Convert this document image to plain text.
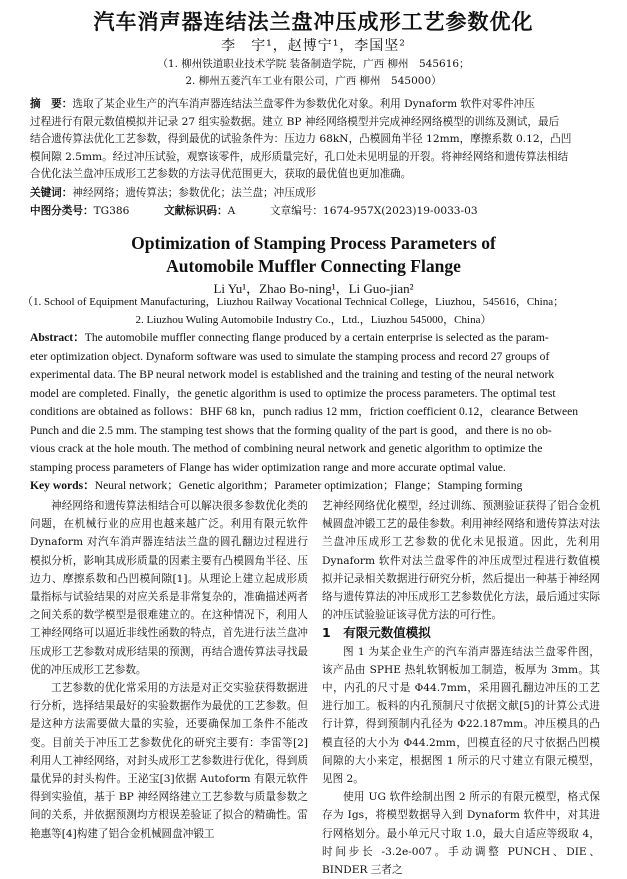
汽车消声器连结法兰盘冲压成形工艺参数优化
李　宇¹，赵博宁¹，李国坚²
（1. 柳州铁道职业技术学院 装备制造学院，广西 柳州　545616；
2. 柳州五菱汽车工业有限公司，广西 柳州　545000）
摘　要：选取了某企业生产的汽车消声器连结法兰盘零件为参数优化对象。利用 Dynaform 软件对零件冲压
过程进行有限元数值模拟并记录 27 组实验数据。建立 BP 神经网络模型并完成神经网络模型的训练及测试，最后
结合遗传算法优化工艺参数，得到最优的试验条件为：压边力 68kN，凸模圆角半径 12mm，摩擦系数 0.12，凸凹
模间隙 2.5mm。经过冲压试验，观察该零件，成形质量完好，孔口处未见明显的开裂。将神经网络和遗传算法相结
合优化法兰盘冲压成形工艺参数的方法寻优范围更大，获取的最优值也更加准确。
关键词：神经网络；遗传算法；参数优化；法兰盘；冲压成形
中图分类号：TG386	文献标识码：A	文章编号：1674-957X(2023)19-0033-03
Optimization of Stamping Process Parameters of
Automobile Muffler Connecting Flange
Li Yu¹，Zhao Bo-ning¹，Li Guo-jian²
（1. School of Equipment Manufacturing，Liuzhou Railway Vocational Technical College，Liuzhou，545616，China；
2. Liuzhou Wuling Automobile Industry Co.，Ltd.，Liuzhou 545000，China）
Abstract：The automobile muffler connecting flange produced by a certain enterprise is selected as the param-
eter optimization object. Dynaform software was used to simulate the stamping process and record 27 groups of
experimental data. The BP neural network model is established and the training and testing of the neural network
model are completed. Finally，the genetic algorithm is used to optimize the process parameters. The optimal test
conditions are obtained as follows：BHF 68 kn，punch radius 12 mm，friction coefficient 0.12，clearance Between
Punch and die 2.5 mm. The stamping test shows that the forming quality of the part is good，and there is no ob-
vious crack at the hole mouth. The method of combining neural network and genetic algorithm to optimize the
stamping process parameters of Flange has wider optimization range and more accurate optimal value.
Key words：Neural network；Genetic algorithm；Parameter optimization；Flange；Stamping forming

神经网络和遗传算法相结合可以解决很多参数优化类的问题，在机械行业的应用也越来越广泛。利用有限元软件 Dynaform 对汽车消声器连结法兰盘的圆孔翻边过程进行模拟分析，影响其成形质量的因素主要有凸模圆角半径、压边力、摩擦系数和凸凹模间隙[1]。从理论上建立起成形质量指标与试验结果的对应关系是非常复杂的，准确描述两者之间关系的数学模型是很难建立的。在这种情况下，利用人工神经网络可以逼近非线性函数的特点，首先进行法兰盘冲压成形工艺参数对成形结果的预测，再结合遗传算法寻找最优的冲压成形工艺参数。

工艺参数的优化常采用的方法是对正交实验获得数据进行分析，选择结果最好的实验数据作为最优的工艺参数。但是这种方法需要做大量的实验，还要确保加工条件不能改变。目前关于冲压工艺参数优化的研究主要有：李雷等[2]利用人工神经网络，对封头成形工艺参数进行优化，得到质量优异的封头构件。王泌宝[3]依据 Autoform 有限元软件得到实验值，基于 BP 神经网络建立工艺参数与质量参数之间的关系，并依据预测均方根误差验证了拟合的精确性。雷艳惠等[4]构建了铝合金机械圆盘冲锻工

艺神经网络优化模型，经过训练、预测验证获得了铝合金机械圆盘冲锻工艺的最佳参数。利用神经网络和遗传算法对法兰盘冲压成形工艺参数的优化未见报道。因此，先利用 Dynaform 软件对法兰盘零件的冲压成型过程进行数值模拟并记录相关数据进行研究分析，然后提出一种基于神经网络与遗传算法的冲压成形工艺参数优化方法，最后通过实际的冲压试验验证该寻优方法的可行性。

1　有限元数值模拟

图 1 为某企业生产的汽车消声器连结法兰盘零件图，该产品由 SPHE 热轧软钢板加工制造，板厚为 3mm。其中，内孔的尺寸是 Φ44.7mm，采用圆孔翻边冲压的工艺进行加工。板料的内孔预制尺寸依据文献[5]的计算公式进行计算，得到预制内孔径为 Φ22.187mm。冲压模具的凸模直径的大小为 Φ44.2mm，凹模直径的尺寸依据凸凹模间隙的大小来定，根据图 1 所示的尺寸建立有限元模型，见图 2。

使用 UG 软件绘制出图 2 所示的有限元模型，格式保存为 Igs，将模型数据导入到 Dynaform 软件中，对其进行网格划分。最小单元尺寸取 1.0，最大自适应等级取 4，时间步长 -3.2e-007。手动调整 PUNCH、DIE、BINDER 三者之
